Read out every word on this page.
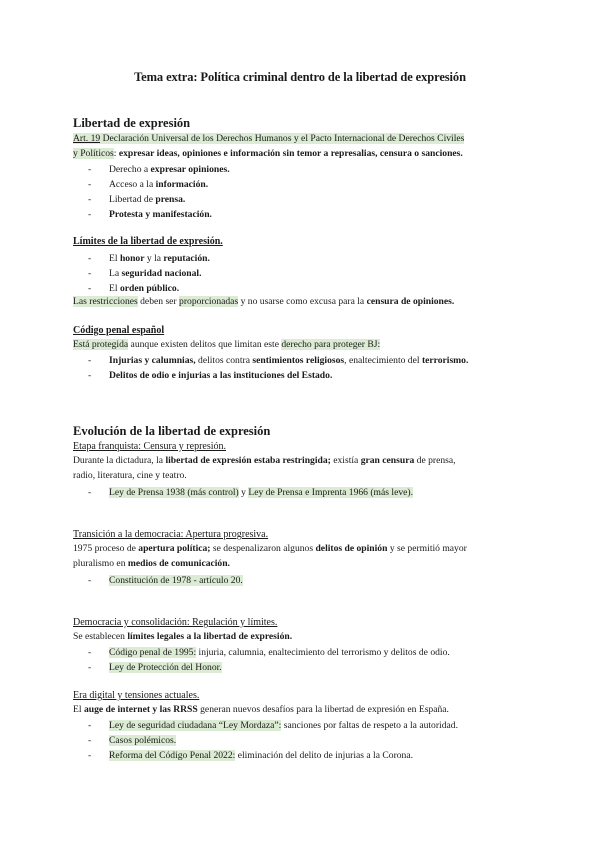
Tema extra: Política criminal dentro de la libertad de expresión
Libertad de expresión
Art. 19 Declaración Universal de los Derechos Humanos y el Pacto Internacional de Derechos Civiles
y Políticos: expresar ideas, opiniones e información sin temor a represalias, censura o sanciones.
- Derecho a expresar opiniones.
- Acceso a la información.
- Libertad de prensa.
- Protesta y manifestación.
Límites de la libertad de expresión.
- El honor y la reputación.
- La seguridad nacional.
- El orden público.
Las restricciones deben ser proporcionadas y no usarse como excusa para la censura de opiniones.
Código penal español
Está protegida aunque existen delitos que limitan este derecho para proteger BJ:
- Injurias y calumnias, delitos contra sentimientos religiosos, enaltecimiento del terrorismo.
- Delitos de odio e injurias a las instituciones del Estado.
Evolución de la libertad de expresión
Etapa franquista: Censura y represión.
Durante la dictadura, la libertad de expresión estaba restringida; existía gran censura de prensa,
radio, literatura, cine y teatro.
- Ley de Prensa 1938 (más control) y Ley de Prensa e Imprenta 1966 (más leve).
Transición a la democracia: Apertura progresiva.
1975 proceso de apertura política; se despenalizaron algunos delitos de opinión y se permitió mayor
pluralismo en medios de comunicación.
- Constitución de 1978 - artículo 20.
Democracia y consolidación: Regulación y límites.
Se establecen límites legales a la libertad de expresión.
- Código penal de 1995: injuria, calumnia, enaltecimiento del terrorismo y delitos de odio.
- Ley de Protección del Honor.
Era digital y tensiones actuales.
El auge de internet y las RRSS generan nuevos desafíos para la libertad de expresión en España.
- Ley de seguridad ciudadana “Ley Mordaza”: sanciones por faltas de respeto a la autoridad.
- Casos polémicos.
- Reforma del Código Penal 2022: eliminación del delito de injurias a la Corona.
